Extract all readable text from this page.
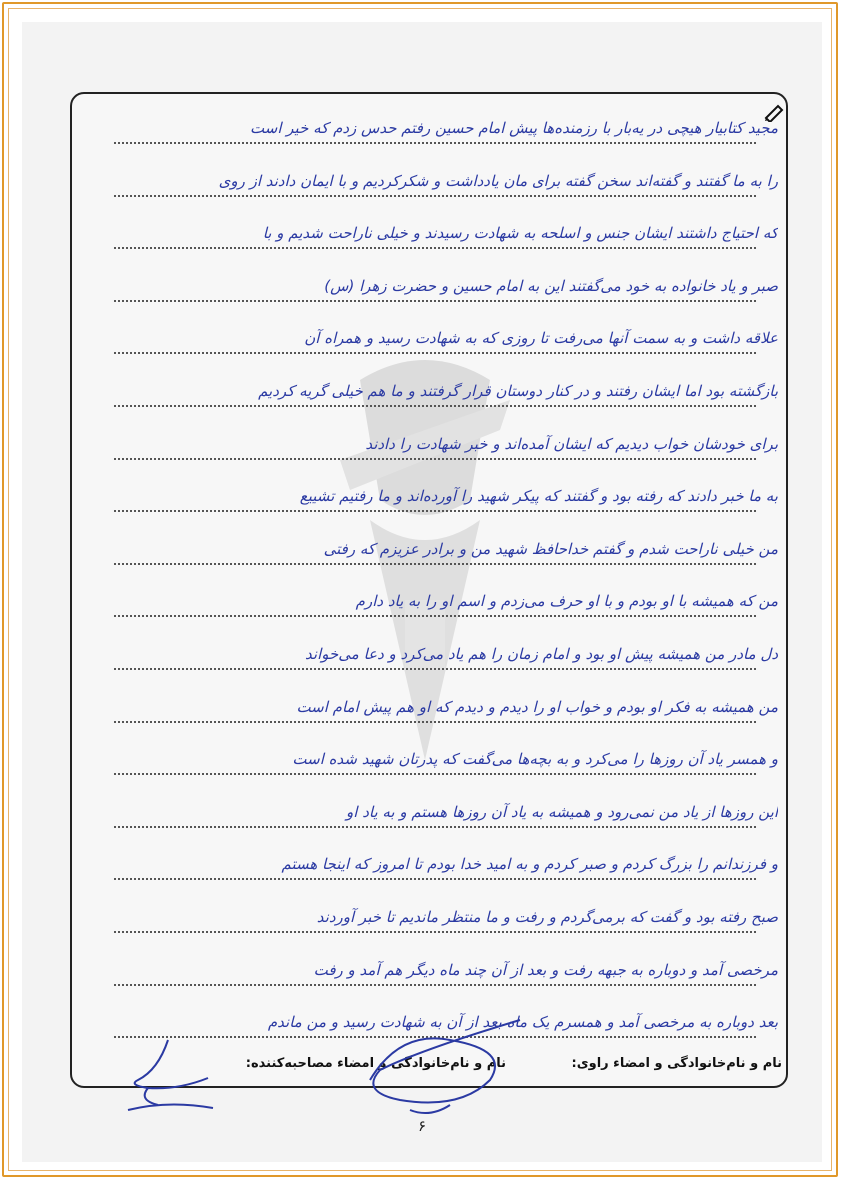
مجید کتابیار هیچی در یه‌بار با رزمنده‌ها پیش امام حسین رفتم حدس زدم که خیر است
را به ما گفتند و گفته‌اند سخن گفته برای مان یادداشت و شکرکردیم و با ایمان دادند از روی
که احتیاج داشتند ایشان جنس و اسلحه به شهادت رسیدند و خیلی ناراحت شدیم و با
صبر و یاد خانواده به خود می‌گفتند این به امام حسین و حضرت زهرا (س)
علاقه داشت و به سمت آنها می‌رفت تا روزی که به شهادت رسید و همراه آن
بازگشته بود اما ایشان رفتند و در کنار دوستان قرار گرفتند و ما هم خیلی گریه کردیم
برای خودشان خواب دیدیم که ایشان آمده‌اند و خبر شهادت را دادند
به ما خبر دادند که رفته بود و گفتند که پیکر شهید را آورده‌اند و ما رفتیم تشییع
من خیلی ناراحت شدم و گفتم خداحافظ شهید من و برادر عزیزم که رفتی
من که همیشه با او بودم و با او حرف می‌زدم و اسم او را به یاد دارم
دل مادر من همیشه پیش او بود و امام زمان را هم یاد می‌کرد و دعا می‌خواند
من همیشه به فکر او بودم و خواب او را دیدم و دیدم که او هم پیش امام است
و همسر یاد آن روزها را می‌کرد و به بچه‌ها می‌گفت که پدرتان شهید شده است
این روزها از یاد من نمی‌رود و همیشه به یاد آن روزها هستم و به یاد او
و فرزندانم را بزرگ کردم و صبر کردم و به امید خدا بودم تا امروز که اینجا هستم
صبح رفته بود و گفت که برمی‌گردم و رفت و ما منتظر ماندیم تا خبر آوردند
مرخصی آمد و دوباره به جبهه رفت و بعد از آن چند ماه دیگر هم آمد و رفت
بعد دوباره به مرخصی آمد و همسرم یک ماه بعد از آن به شهادت رسید و من ماندم
نام و نام‌خانوادگی و امضاء راوی:
نام و نام‌خانوادگی و امضاء مصاحبه‌کننده:
۶
